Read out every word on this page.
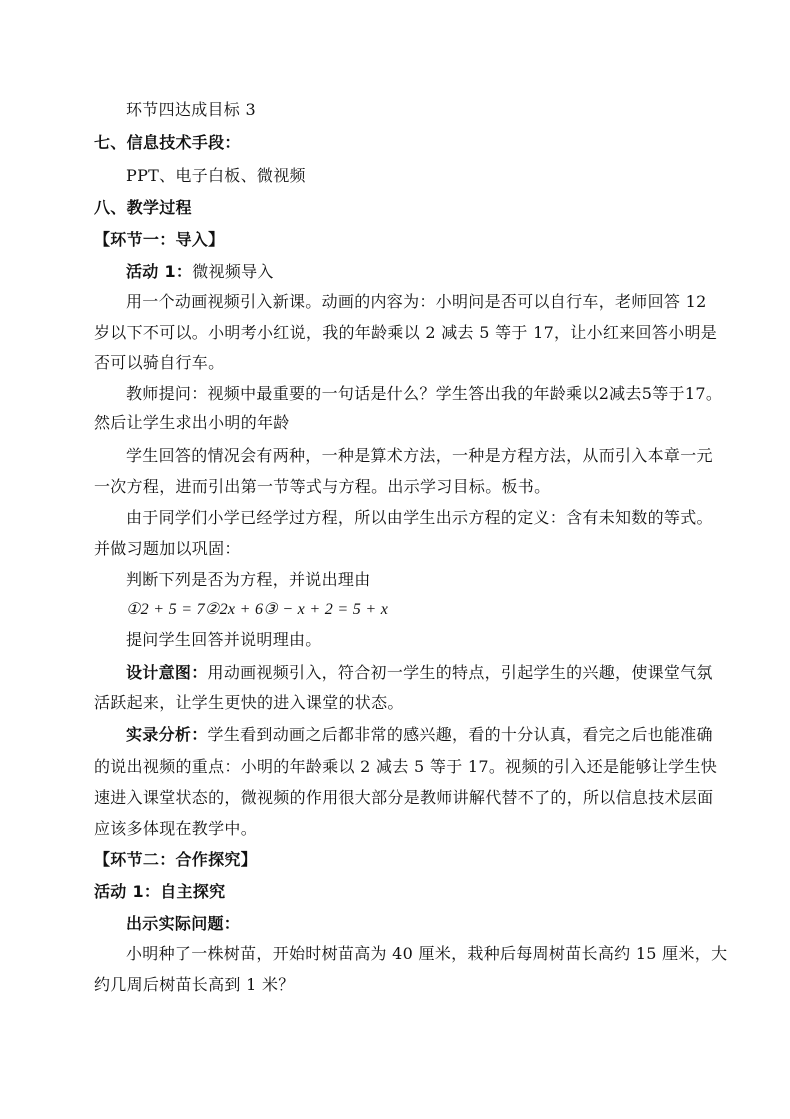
环节四达成目标 3
七、信息技术手段：
PPT、电子白板、微视频
八、教学过程
【环节一：导入】
活动 1：微视频导入
用一个动画视频引入新课。动画的内容为：小明问是否可以自行车，老师回答 12
岁以下不可以。小明考小红说，我的年龄乘以 2 减去 5 等于 17，让小红来回答小明是
否可以骑自行车。
教师提问：视频中最重要的一句话是什么？学生答出我的年龄乘以2减去5等于17。
然后让学生求出小明的年龄
学生回答的情况会有两种，一种是算术方法，一种是方程方法，从而引入本章一元
一次方程，进而引出第一节等式与方程。出示学习目标。板书。
由于同学们小学已经学过方程，所以由学生出示方程的定义：含有未知数的等式。
并做习题加以巩固：
判断下列是否为方程，并说出理由
①2 + 5 = 7②2x + 6③ − x + 2 = 5 + x
提问学生回答并说明理由。
设计意图：用动画视频引入，符合初一学生的特点，引起学生的兴趣，使课堂气氛
活跃起来，让学生更快的进入课堂的状态。
实录分析：学生看到动画之后都非常的感兴趣，看的十分认真，看完之后也能准确
的说出视频的重点：小明的年龄乘以 2 减去 5 等于 17。视频的引入还是能够让学生快
速进入课堂状态的，微视频的作用很大部分是教师讲解代替不了的，所以信息技术层面
应该多体现在教学中。
【环节二：合作探究】
活动 1：自主探究
出示实际问题：
小明种了一株树苗，开始时树苗高为 40 厘米，栽种后每周树苗长高约 15 厘米，大
约几周后树苗长高到 1 米？
